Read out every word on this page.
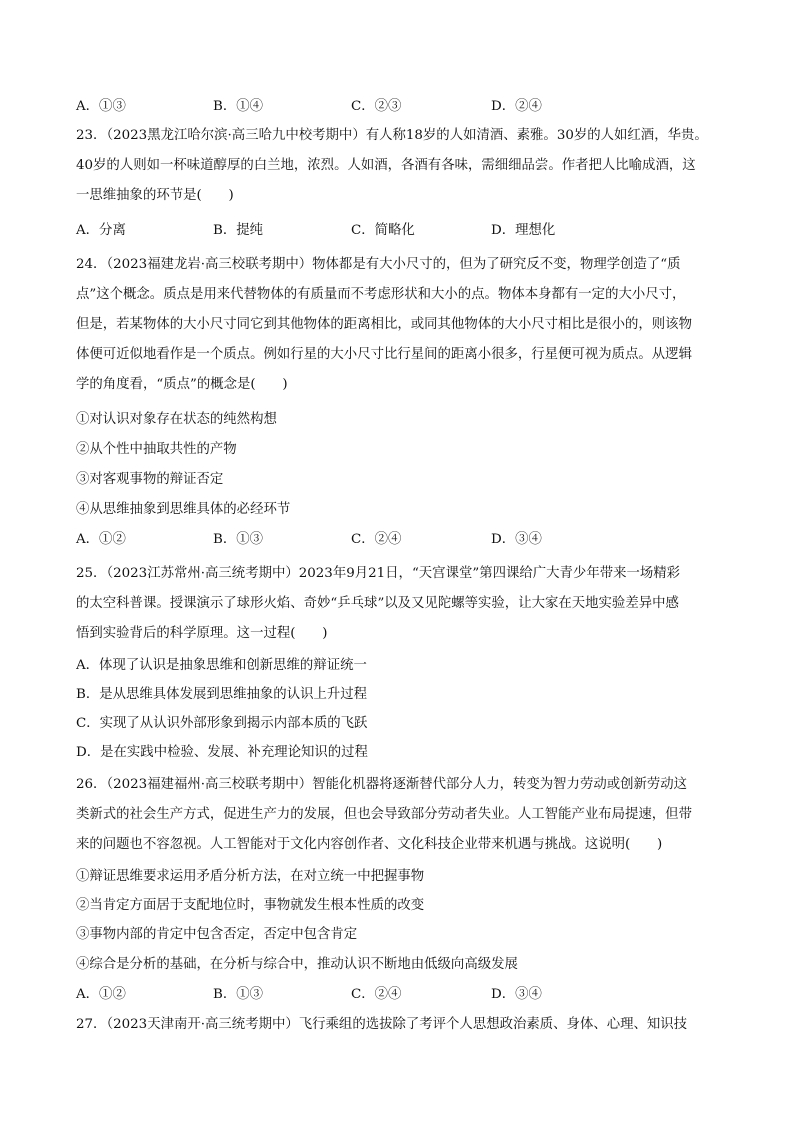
A．①③	B．①④	C．②③	D．②④
23．（2023黑龙江哈尔滨·高三哈九中校考期中）有人称18岁的人如清酒、素雅。30岁的人如红酒，华贵。
40岁的人则如一杯味道醇厚的白兰地，浓烈。人如酒，各酒有各味，需细细品尝。作者把人比喻成酒，这
一思维抽象的环节是(　　)
A．分离	B．提纯	C．简略化	D．理想化
24．（2023福建龙岩·高三校联考期中）物体都是有大小尺寸的，但为了研究反不变，物理学创造了“质
点”这个概念。质点是用来代替物体的有质量而不考虑形状和大小的点。物体本身都有一定的大小尺寸，
但是，若某物体的大小尺寸同它到其他物体的距离相比，或同其他物体的大小尺寸相比是很小的，则该物
体便可近似地看作是一个质点。例如行星的大小尺寸比行星间的距离小很多，行星便可视为质点。从逻辑
学的角度看，“质点”的概念是(　　)
①对认识对象存在状态的纯然构想
②从个性中抽取共性的产物
③对客观事物的辩证否定
④从思维抽象到思维具体的必经环节
A．①②	B．①③	C．②④	D．③④
25．（2023江苏常州·高三统考期中）2023年9月21日，“天宫课堂”第四课给广大青少年带来一场精彩
的太空科普课。授课演示了球形火焰、奇妙“乒乓球”以及又见陀螺等实验，让大家在天地实验差异中感
悟到实验背后的科学原理。这一过程(　　)
A．体现了认识是抽象思维和创新思维的辩证统一
B．是从思维具体发展到思维抽象的认识上升过程
C．实现了从认识外部形象到揭示内部本质的飞跃
D．是在实践中检验、发展、补充理论知识的过程
26．（2023福建福州·高三校联考期中）智能化机器将逐渐替代部分人力，转变为智力劳动或创新劳动这
类新式的社会生产方式，促进生产力的发展，但也会导致部分劳动者失业。人工智能产业布局提速，但带
来的问题也不容忽视。人工智能对于文化内容创作者、文化科技企业带来机遇与挑战。这说明(　　)
①辩证思维要求运用矛盾分析方法，在对立统一中把握事物
②当肯定方面居于支配地位时，事物就发生根本性质的改变
③事物内部的肯定中包含否定，否定中包含肯定
④综合是分析的基础，在分析与综合中，推动认识不断地由低级向高级发展
A．①②	B．①③	C．②④	D．③④
27．（2023天津南开·高三统考期中）飞行乘组的选拔除了考评个人思想政治素质、身体、心理、知识技
